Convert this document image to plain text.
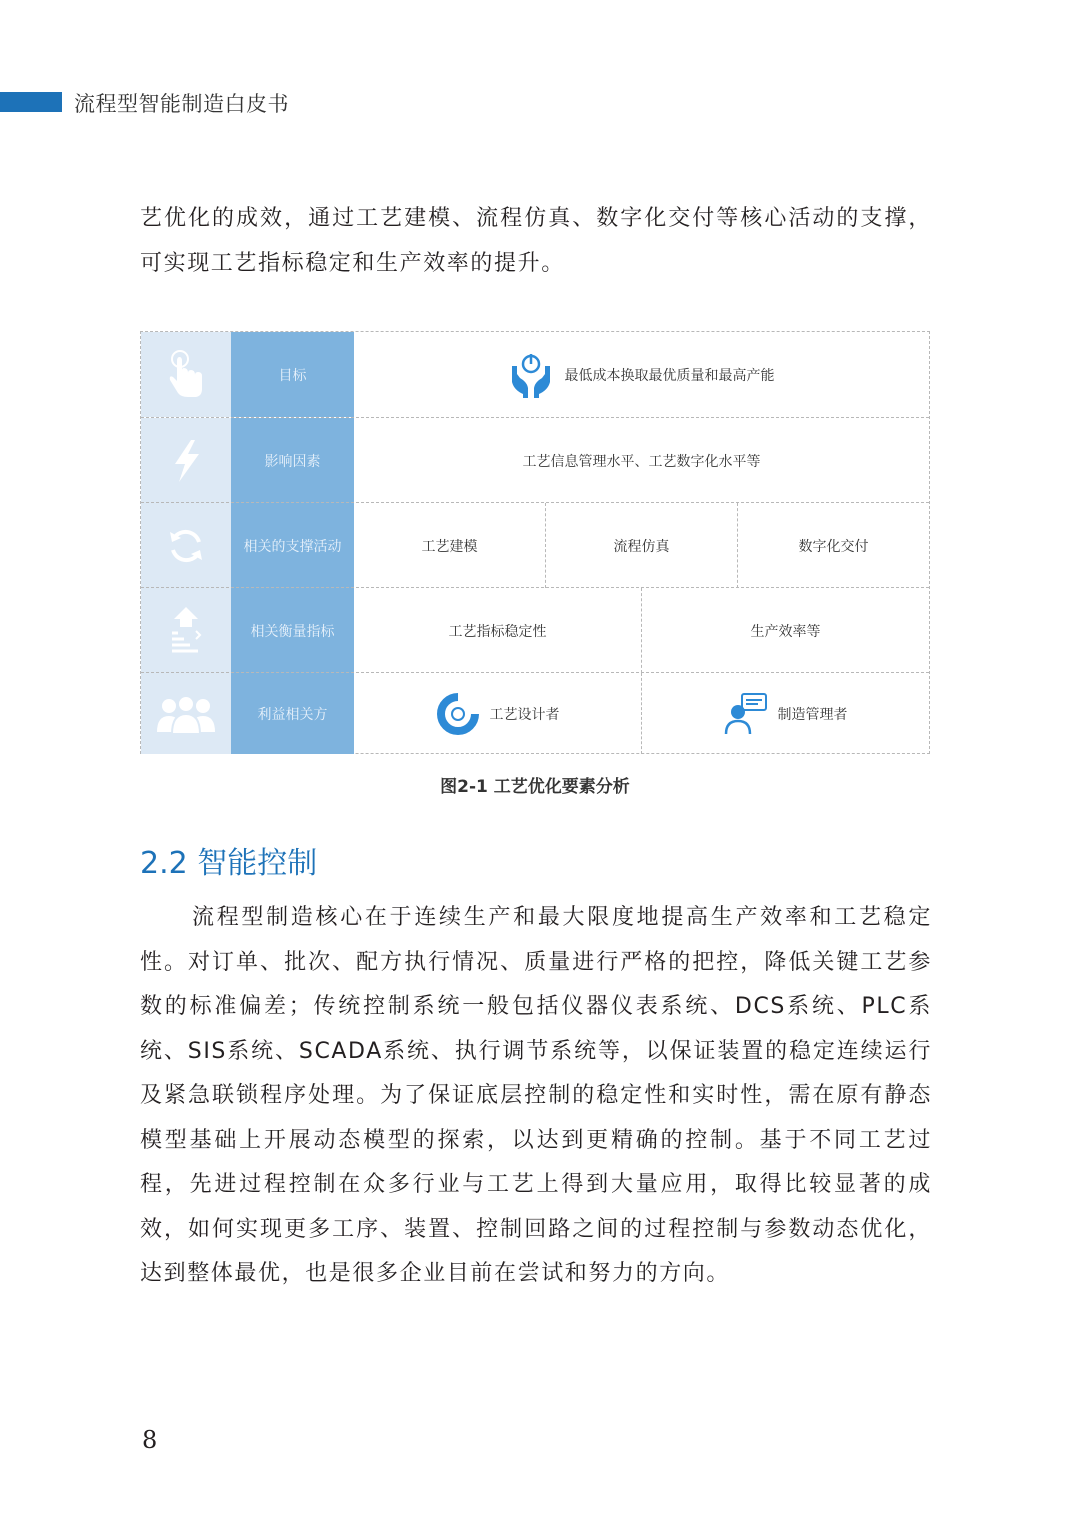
流程型智能制造白皮书
艺优化的成效，通过工艺建模、流程仿真、数字化交付等核心活动的支撑，可实现工艺指标稳定和生产效率的提升。
目标	最低成本换取最优质量和最高产能
影响因素	工艺信息管理水平、工艺数字化水平等
相关的支撑活动	工艺建模	流程仿真	数字化交付
相关衡量指标	工艺指标稳定性	生产效率等
利益相关方	工艺设计者	制造管理者
图2-1 工艺优化要素分析
2.2 智能控制
流程型制造核心在于连续生产和最大限度地提高生产效率和工艺稳定性。对订单、批次、配方执行情况、质量进行严格的把控，降低关键工艺参数的标准偏差；传统控制系统一般包括仪器仪表系统、DCS系统、PLC系统、SIS系统、SCADA系统、执行调节系统等，以保证装置的稳定连续运行及紧急联锁程序处理。为了保证底层控制的稳定性和实时性，需在原有静态模型基础上开展动态模型的探索，以达到更精确的控制。基于不同工艺过程，先进过程控制在众多行业与工艺上得到大量应用，取得比较显著的成效，如何实现更多工序、装置、控制回路之间的过程控制与参数动态优化，达到整体最优，也是很多企业目前在尝试和努力的方向。
8
